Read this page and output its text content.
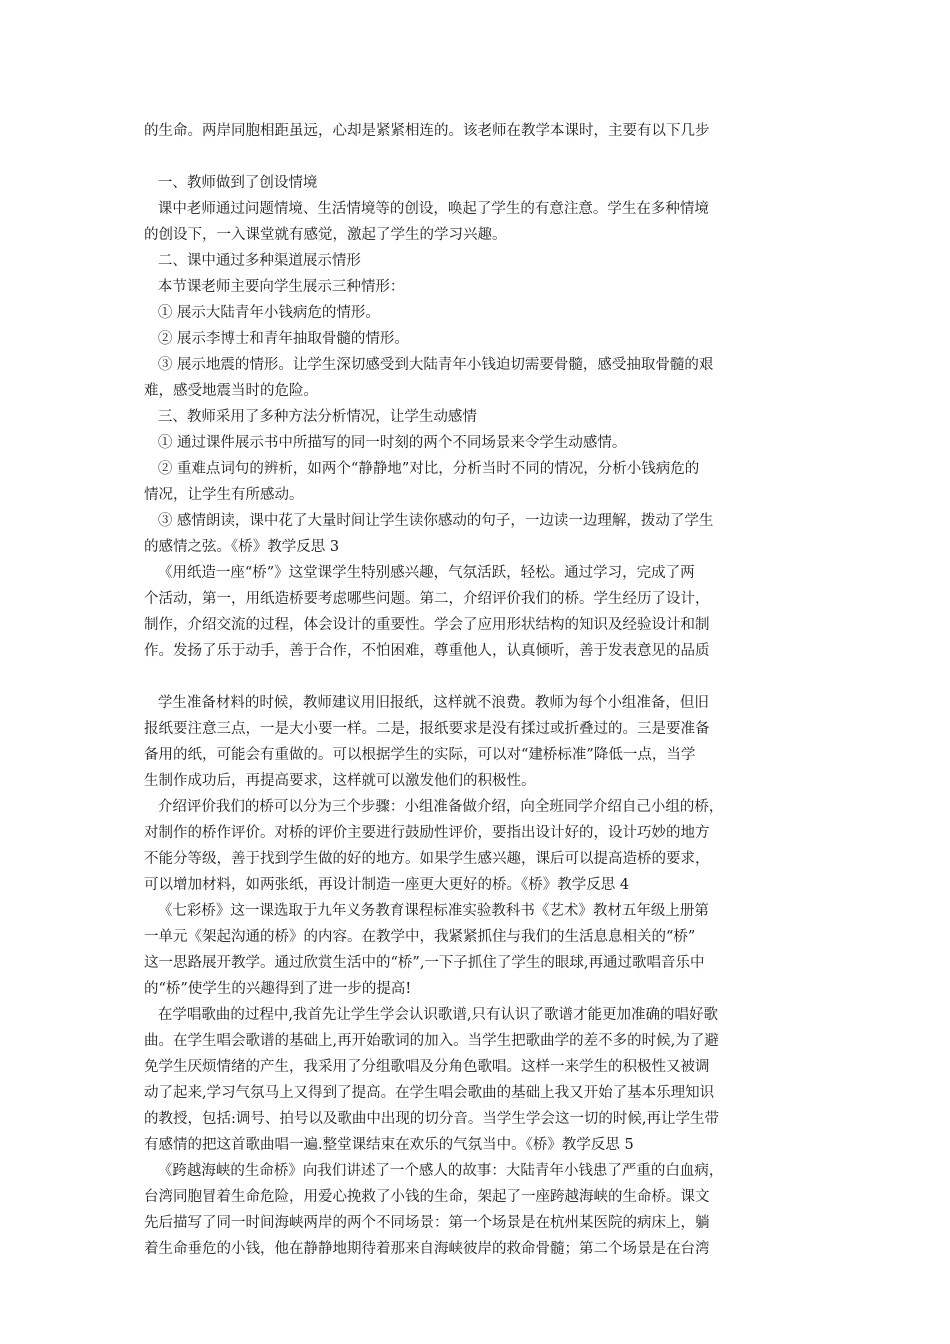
的生命。两岸同胞相距虽远，心却是紧紧相连的。该老师在教学本课时，主要有以下几步
一、教师做到了创设情境
课中老师通过问题情境、生活情境等的创设，唤起了学生的有意注意。学生在多种情境
的创设下，一入课堂就有感觉，激起了学生的学习兴趣。
二、课中通过多种渠道展示情形
本节课老师主要向学生展示三种情形：
① 展示大陆青年小钱病危的情形。
② 展示李博士和青年抽取骨髓的情形。
③ 展示地震的情形。让学生深切感受到大陆青年小钱迫切需要骨髓，感受抽取骨髓的艰
难，感受地震当时的危险。
三、教师采用了多种方法分析情况，让学生动感情
① 通过课件展示书中所描写的同一时刻的两个不同场景来令学生动感情。
② 重难点词句的辨析，如两个“静静地”对比，分析当时不同的情况，分析小钱病危的
情况，让学生有所感动。
③ 感情朗读，课中花了大量时间让学生读你感动的句子，一边读一边理解，拨动了学生
的感情之弦。《桥》教学反思 3
《用纸造一座“桥”》这堂课学生特别感兴趣，气氛活跃，轻松。通过学习，完成了两
个活动，第一，用纸造桥要考虑哪些问题。第二，介绍评价我们的桥。学生经历了设计，
制作，介绍交流的过程，体会设计的重要性。学会了应用形状结构的知识及经验设计和制
作。发扬了乐于动手，善于合作，不怕困难，尊重他人，认真倾听，善于发表意见的品质
学生准备材料的时候，教师建议用旧报纸，这样就不浪费。教师为每个小组准备，但旧
报纸要注意三点，一是大小要一样。二是，报纸要求是没有揉过或折叠过的。三是要准备
备用的纸，可能会有重做的。可以根据学生的实际，可以对“建桥标准”降低一点，当学
生制作成功后，再提高要求，这样就可以激发他们的积极性。
介绍评价我们的桥可以分为三个步骤：小组准备做介绍，向全班同学介绍自己小组的桥，
对制作的桥作评价。对桥的评价主要进行鼓励性评价，要指出设计好的，设计巧妙的地方
不能分等级，善于找到学生做的好的地方。如果学生感兴趣，课后可以提高造桥的要求，
可以增加材料，如两张纸，再设计制造一座更大更好的桥。《桥》教学反思 4
《七彩桥》这一课选取于九年义务教育课程标准实验教科书《艺术》教材五年级上册第
一单元《架起沟通的桥》的内容。在教学中，我紧紧抓住与我们的生活息息相关的“桥”
这一思路展开教学。通过欣赏生活中的“桥”,一下子抓住了学生的眼球,再通过歌唱音乐中
的“桥”使学生的兴趣得到了进一步的提高!
在学唱歌曲的过程中,我首先让学生学会认识歌谱,只有认识了歌谱才能更加准确的唱好歌
曲。在学生唱会歌谱的基础上,再开始歌词的加入。当学生把歌曲学的差不多的时候,为了避
免学生厌烦情绪的产生，我采用了分组歌唱及分角色歌唱。这样一来学生的积极性又被调
动了起来,学习气氛马上又得到了提高。在学生唱会歌曲的基础上我又开始了基本乐理知识
的教授，包括:调号、拍号以及歌曲中出现的切分音。当学生学会这一切的时候,再让学生带
有感情的把这首歌曲唱一遍.整堂课结束在欢乐的气氛当中。《桥》教学反思 5
《跨越海峡的生命桥》向我们讲述了一个感人的故事：大陆青年小钱患了严重的白血病，
台湾同胞冒着生命危险，用爱心挽救了小钱的生命，架起了一座跨越海峡的生命桥。课文
先后描写了同一时间海峡两岸的两个不同场景：第一个场景是在杭州某医院的病床上，躺
着生命垂危的小钱，他在静静地期待着那来自海峡彼岸的救命骨髓；第二个场景是在台湾
